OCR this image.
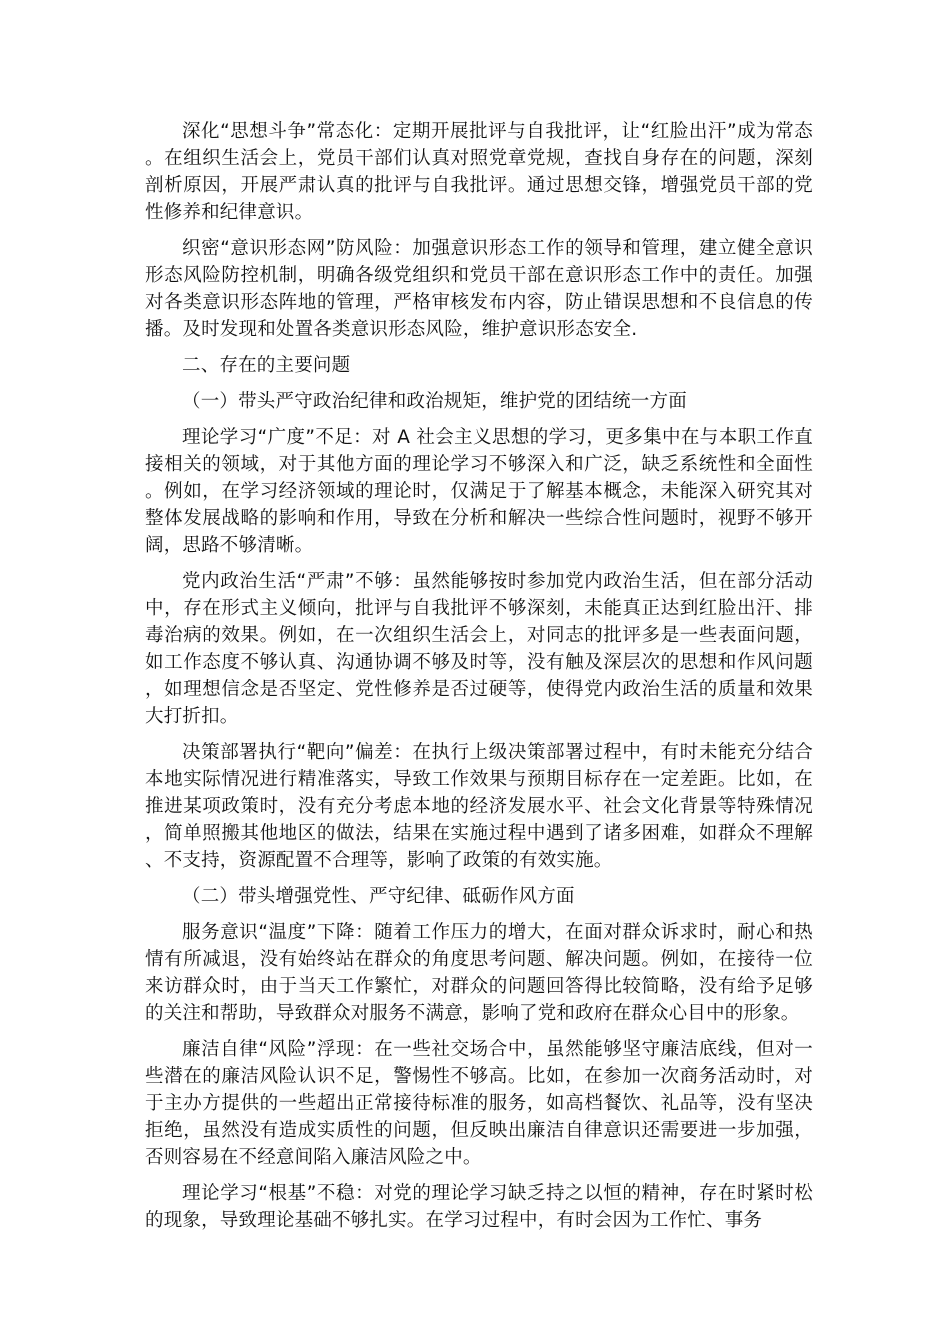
深化“思想斗争”常态化：定期开展批评与自我批评，让“红脸出汗”成为常态。在组织生活会上，党员干部们认真对照党章党规，查找自身存在的问题，深刻剖析原因，开展严肃认真的批评与自我批评。通过思想交锋，增强党员干部的党性修养和纪律意识。

织密“意识形态网”防风险：加强意识形态工作的领导和管理，建立健全意识形态风险防控机制，明确各级党组织和党员干部在意识形态工作中的责任。加强对各类意识形态阵地的管理，严格审核发布内容，防止错误思想和不良信息的传播。及时发现和处置各类意识形态风险，维护意识形态安全.

二、存在的主要问题

（一）带头严守政治纪律和政治规矩，维护党的团结统一方面

理论学习“广度”不足：对 A 社会主义思想的学习，更多集中在与本职工作直接相关的领域，对于其他方面的理论学习不够深入和广泛，缺乏系统性和全面性。例如，在学习经济领域的理论时，仅满足于了解基本概念，未能深入研究其对整体发展战略的影响和作用，导致在分析和解决一些综合性问题时，视野不够开阔，思路不够清晰。

党内政治生活“严肃”不够：虽然能够按时参加党内政治生活，但在部分活动中，存在形式主义倾向，批评与自我批评不够深刻，未能真正达到红脸出汗、排毒治病的效果。例如，在一次组织生活会上，对同志的批评多是一些表面问题，如工作态度不够认真、沟通协调不够及时等，没有触及深层次的思想和作风问题，如理想信念是否坚定、党性修养是否过硬等，使得党内政治生活的质量和效果大打折扣。

决策部署执行“靶向”偏差：在执行上级决策部署过程中，有时未能充分结合本地实际情况进行精准落实，导致工作效果与预期目标存在一定差距。比如，在推进某项政策时，没有充分考虑本地的经济发展水平、社会文化背景等特殊情况，简单照搬其他地区的做法，结果在实施过程中遇到了诸多困难，如群众不理解、不支持，资源配置不合理等，影响了政策的有效实施。

（二）带头增强党性、严守纪律、砥砺作风方面

服务意识“温度”下降：随着工作压力的增大，在面对群众诉求时，耐心和热情有所减退，没有始终站在群众的角度思考问题、解决问题。例如，在接待一位来访群众时，由于当天工作繁忙，对群众的问题回答得比较简略，没有给予足够的关注和帮助，导致群众对服务不满意，影响了党和政府在群众心目中的形象。

廉洁自律“风险”浮现：在一些社交场合中，虽然能够坚守廉洁底线，但对一些潜在的廉洁风险认识不足，警惕性不够高。比如，在参加一次商务活动时，对于主办方提供的一些超出正常接待标准的服务，如高档餐饮、礼品等，没有坚决拒绝，虽然没有造成实质性的问题，但反映出廉洁自律意识还需要进一步加强，否则容易在不经意间陷入廉洁风险之中。

理论学习“根基”不稳：对党的理论学习缺乏持之以恒的精神，存在时紧时松的现象，导致理论基础不够扎实。在学习过程中，有时会因为工作忙、事务
